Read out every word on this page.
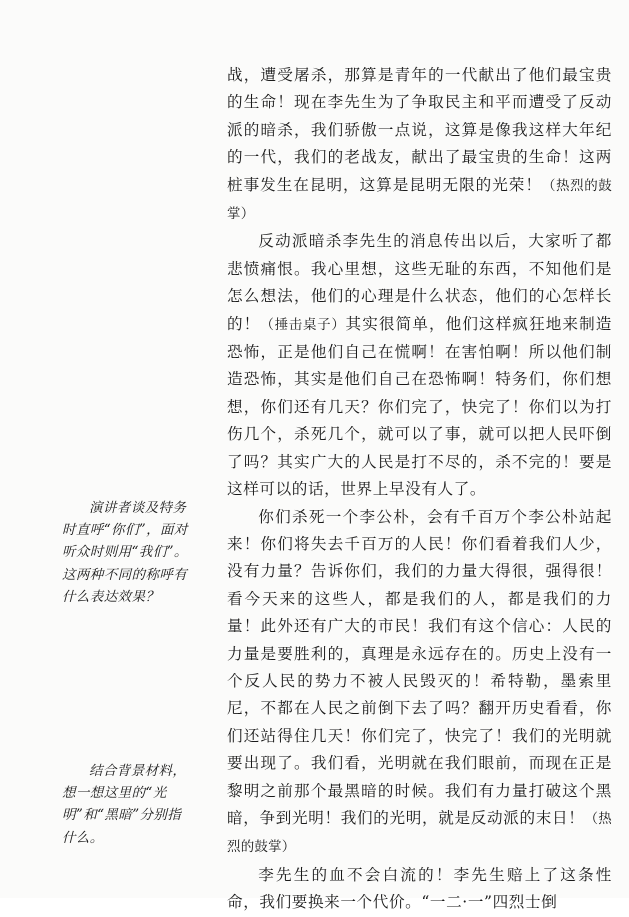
战，遭受屠杀，那算是青年的一代献出了他们最宝贵的生命！现在李先生为了争取民主和平而遭受了反动派的暗杀，我们骄傲一点说，这算是像我这样大年纪的一代，我们的老战友，献出了最宝贵的生命！这两桩事发生在昆明，这算是昆明无限的光荣！（热烈的鼓掌）

反动派暗杀李先生的消息传出以后，大家听了都悲愤痛恨。我心里想，这些无耻的东西，不知他们是怎么想法，他们的心理是什么状态，他们的心怎样长的！（捶击桌子）其实很简单，他们这样疯狂地来制造恐怖，正是他们自己在慌啊！在害怕啊！所以他们制造恐怖，其实是他们自己在恐怖啊！特务们，你们想想，你们还有几天？你们完了，快完了！你们以为打伤几个，杀死几个，就可以了事，就可以把人民吓倒了吗？其实广大的人民是打不尽的，杀不完的！要是这样可以的话，世界上早没有人了。

你们杀死一个李公朴，会有千百万个李公朴站起来！你们将失去千百万的人民！你们看着我们人少，没有力量？告诉你们，我们的力量大得很，强得很！看今天来的这些人，都是我们的人，都是我们的力量！此外还有广大的市民！我们有这个信心：人民的力量是要胜利的，真理是永远存在的。历史上没有一个反人民的势力不被人民毁灭的！希特勒，墨索里尼，不都在人民之前倒下去了吗？翻开历史看看，你们还站得住几天！你们完了，快完了！我们的光明就要出现了。我们看，光明就在我们眼前，而现在正是黎明之前那个最黑暗的时候。我们有力量打破这个黑暗，争到光明！我们的光明，就是反动派的末日！（热烈的鼓掌）

李先生的血不会白流的！李先生赔上了这条性命，我们要换来一个代价。“一二·一”四烈士倒

演讲者谈及特务时直呼“你们”，面对听众时则用“我们”。这两种不同的称呼有什么表达效果？

结合背景材料，想一想这里的“光明”和“黑暗”分别指什么。
